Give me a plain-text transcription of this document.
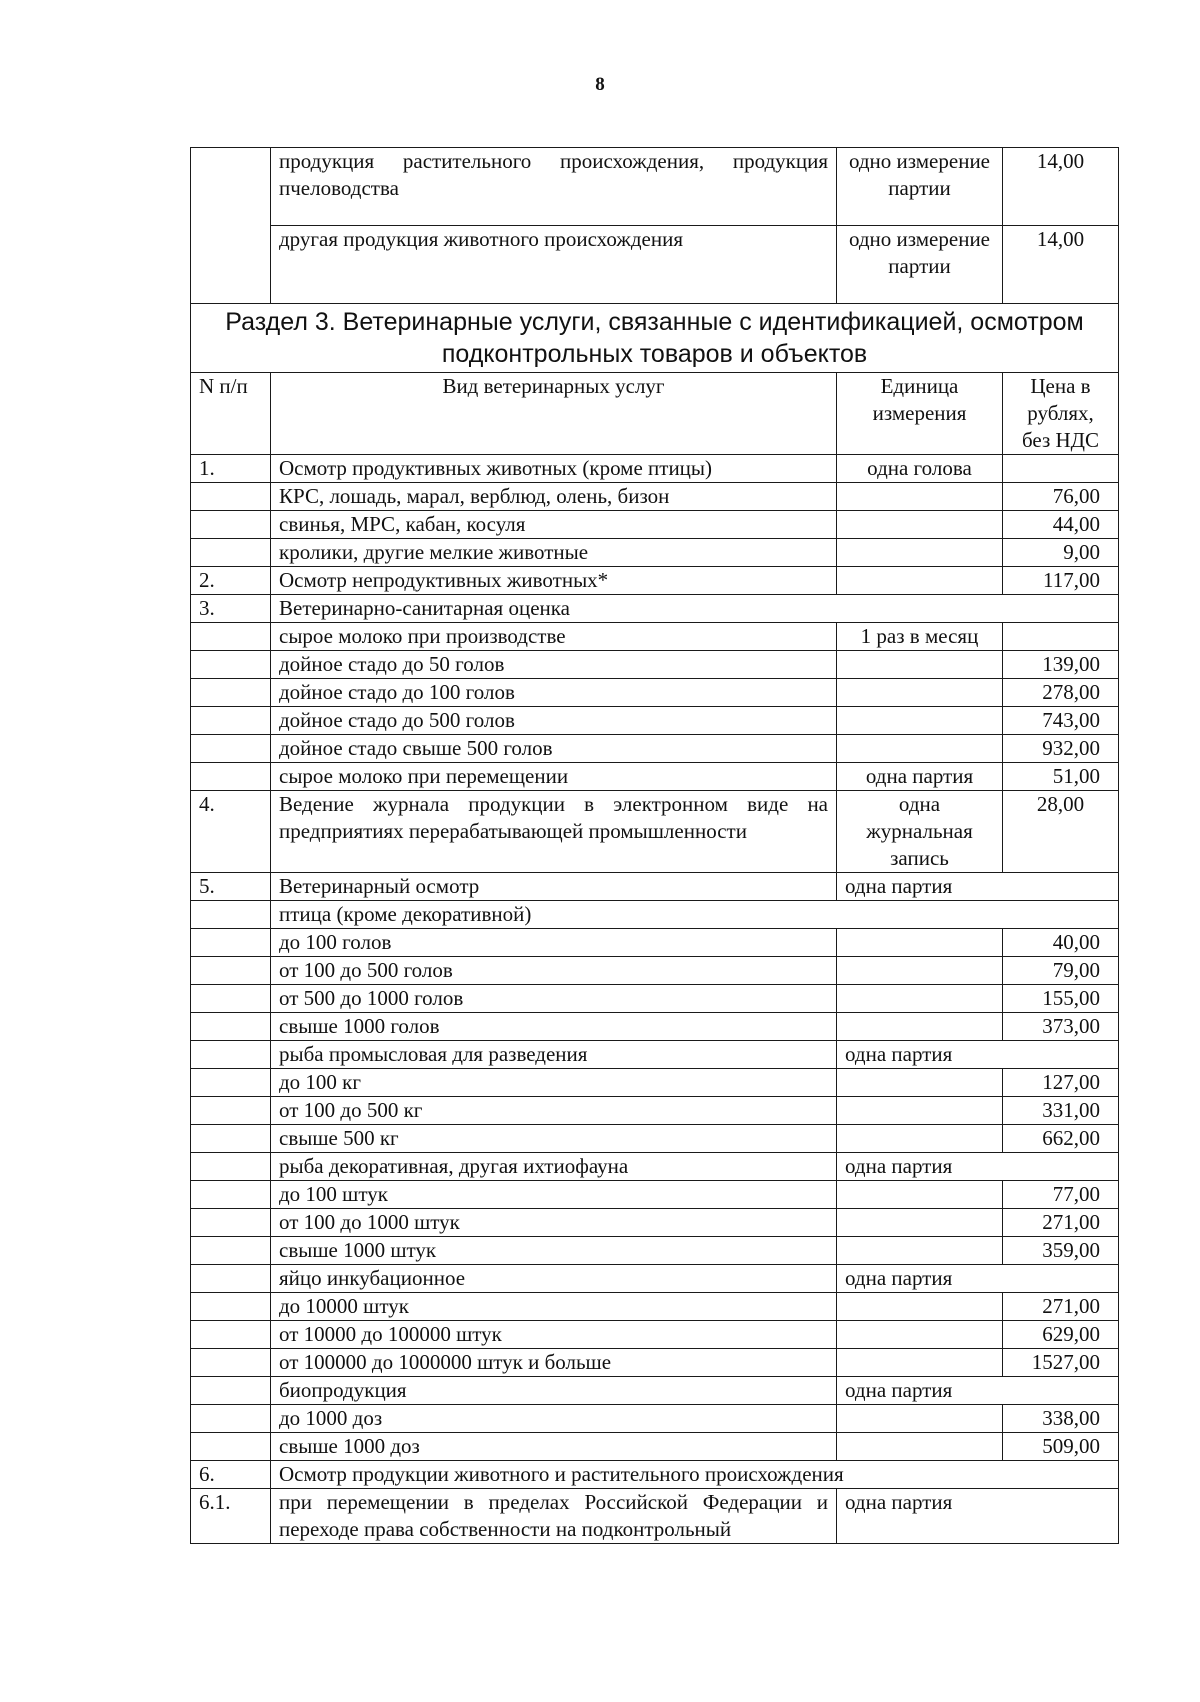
8
	продукция растительного происхождения, продукция пчеловодства	одно измерение партии	14,00
	другая продукция животного происхождения	одно измерение партии	14,00
Раздел 3. Ветеринарные услуги, связанные с идентификацией, осмотром подконтрольных товаров и объектов			
N п/п	Вид ветеринарных услуг	Единица измерения	Цена в рублях, без НДС
1.	Осмотр продуктивных животных (кроме птицы)	одна голова	
	КРС, лошадь, марал, верблюд, олень, бизон		76,00
	свинья, МРС, кабан, косуля		44,00
	кролики, другие мелкие животные		9,00
2.	Осмотр непродуктивных животных*		117,00
3.	Ветеринарно-санитарная оценка		
	сырое молоко при производстве	1 раз в месяц	
	дойное стадо до 50 голов		139,00
	дойное стадо до 100 голов		278,00
	дойное стадо до 500 голов		743,00
	дойное стадо свыше 500 голов		932,00
	сырое молоко при перемещении	одна партия	51,00
4.	Ведение журнала продукции в электронном виде на предприятиях перерабатывающей промышленности	одна журнальная запись	28,00
5.	Ветеринарный осмотр	одна партия	
	птица (кроме декоративной)		
	до 100 голов		40,00
	от 100 до 500 голов		79,00
	от 500 до 1000 голов		155,00
	свыше 1000 голов		373,00
	рыба промысловая для разведения	одна партия	
	до 100 кг		127,00
	от 100 до 500 кг		331,00
	свыше 500 кг		662,00
	рыба декоративная, другая ихтиофауна	одна партия	
	до 100 штук		77,00
	от 100 до 1000 штук		271,00
	свыше 1000 штук		359,00
	яйцо инкубационное	одна партия	
	до 10000 штук		271,00
	от 10000 до 100000 штук		629,00
	от 100000 до 1000000 штук и больше		1527,00
	биопродукция	одна партия	
	до 1000 доз		338,00
	свыше 1000 доз		509,00
6.	Осмотр продукции животного и растительного происхождения		
6.1.	при перемещении в пределах Российской Федерации и переходе права собственности на подконтрольный	одна партия	
